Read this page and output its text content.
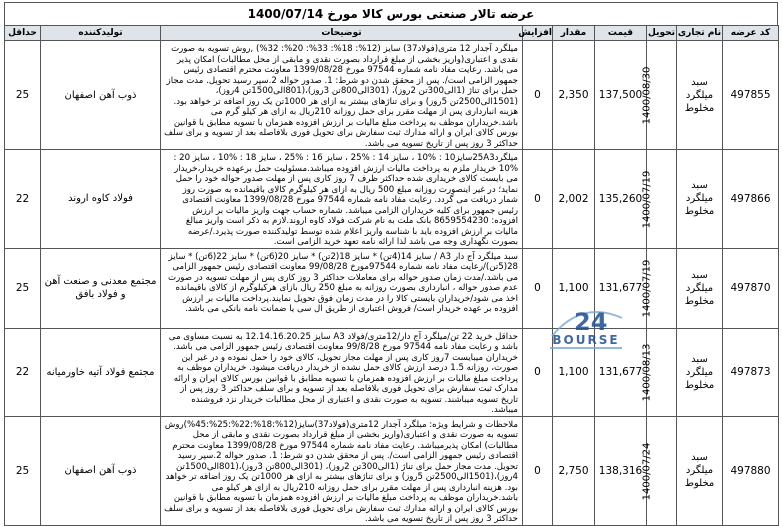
عرضه تالار صنعتی بورس کالا مورخ 1400/07/14
کد عرضه	نام تجاری	تحویل	قیمت	مقدار	افزایش	توضیحات	تولیدکننده	حداقل
497855	سبد میلگرد مخلوط	1400/08/30	137,500	2,350	0	میلگرد آجدار 12 متری(فولاد37) سایز (12%: 18%: 33%: 20%: 32%) ,روش تسویه به صورت نقدی و اعتباری(واریز بخشی از مبلغ قرارداد بصورت نقدی و مابقی از محل مطالبات) امکان پذیر می باشد. رعایت مفاد نامه شماره 97544 مورخ 1399/08/28 معاونت محترم اقتصادی رئیس جمهور الزامی است/. پس از محقق شدن دو شرط: 1. صدور حواله 2.سپر رسید تحویل. مدت مجاز حمل برای تناژ (1الی300تن 2روز)، (301الی800تن 3روز)،(801الی1500تن 4روز)،(1501الی2500تن 5روز) و برای تناژهای بیشتر به ازای هر 1000تن یک روز اضافه تر خواهد بود. هزینه انبارداری پس از مهلت مقرر برای حمل روزانه 210ریال به ازای هر کیلو گرم می باشد.خریداران موظف به پرداخت مبلغ مالیات بر ارزش افزوده همزمان با تسویه مطابق با قوانین بورس کالای ایران و ارائه مدارك ثبت سفارش برای تحویل فوری بلافاصله بعد از تسویه و برای سلف حداکثر 3 روز پس از تاریخ تسویه می باشد.	ذوب آهن اصفهان	25
497866	سبد میلگرد مخلوط	1400/07/19	135,260	2,002	0	میلگرد25A3سایز10 : %10 ، سایز 14 : %25 ، سایز 16 : %25 ، سایز 18 : %10 ، سایز 20 : %10 خریدار ملزم به پرداخت مالیات ارزش افزوده میباشد.مسئولیت حمل برعهده خریدار،خریدار می بایست کالای خریداری شده حداکثر ظرف 7 روز کاری پس از مهلت صدور حواله خود را حمل نماید؛ در غیر اینصورت روزانه مبلغ 500 ریال به ازای هر کیلوگرم کالای باقیمانده به صورت روز شمار دریافت می گردد. رعایت مفاد نامه شماره 97544 مورخ 1399/08/28 معاونت اقتصادی رئیس جمهور برای کلیه خریداران الزامی میباشد. شماره حساب جهت واریز مالیات بر ارزش افزوده: 8659554230 بانک ملت به نام شرکت فولاد کاوه اروند.لازم به ذکر است واریز مبالغ مالیات بر ارزش افزوده باید با شناسه واریز اعلام شده توسط تولیدکننده صورت پذیرد./عرضه بصورت نگهداری وجه می باشد لذا ارائه نامه تعهد خرید الزامی است.	فولاد کاوه اروند	22
497870	سبد میلگرد مخلوط	1400/07/19	131,677	1,100	0	سبد میلگرد آج دار A3 / سایز 14(4تن) * سایز 18(2تن) * سایز 20(6تن) * سایز 22(6تن) * سایز 28(5تن)/رعایت مفاد نامه شماره 97544مورخ 99/08/28 معاونت اقتصادی رئیس جمهور الزامی می باشد./مدت زمان صدور حواله برای معاملات حداکثر 3 روز کاری پس از مهلت تسویه در صورت عدم صدور حواله ، انبارداری بصورت روزانه به مبلغ 250 ریال بازای هرکیلوگرم از کالای باقیمانده اخذ می شود/خریداران بایستی کالا را در مدت زمان فوق تحویل نمایند.پرداخت مالیات بر ارزش افزوده بر عهده خریدار است/ فروش اعتباری از طریق ال سی یا ضمانت نامه بانکی می باشد.	مجتمع معدنی و صنعت آهن و فولاد بافق	25
497873	سبد میلگرد مخلوط	1400/08/13	131,677	1,100	0	حداقل خرید 22 تن/میلگرد آج دار/12متری/فولاد A3 سایز 12.14.16.20.25 به نسبت مساوی می باشد و رعایت مفاد نامه 97544 مورخ 99/8/28 معاونت اقتصادی رئیس جمهور الزامی می باشد. خریداران میبایست 7روز کاری پس از مهلت مجاز تحویل، کالای خود را حمل نموده و در غیر این صورت، روزانه 1.5 درصد ارزش کالای حمل نشده از خریدار دریافت میشود. خریداران موظف به پرداخت مبلغ مالیات بر ارزش افزوده همزمان با تسویه مطابق با قوانین بورس کالای ایران و ارائه مدارک ثبت سفارش برای تحویل فوری بلافاصله بعد از تسویه و برای سلف حداکثر 3 روز پس از تاریخ تسویه میباشند. تسویه به صورت نقدی و اعتباری از محل مطالبات خریدار نزد فروشنده میباشد.	مجتمع فولاد آتیه خاورمیانه	22
497880	سبد میلگرد مخلوط	1400/07/24	138,316	2,750	0	ملاحظات و شرایط ویژه: میلگرد آجدار 12متری(فولاد37)سایز(12%:18%:22%:25%:45%)روش تسویه به صورت نقدی و اعتباری(واریز بخشی از مبلغ قرارداد بصورت نقدی و مابقی از محل مطالبات) امکان پذیرمیباشد. رعایت مفاد نامه شماره 97544 مورخ 1399/08/28 معاونت محترم اقتصادی رئیس جمهور الزامی است/. پس از محقق شدن دو شرط: 1. صدور حواله 2.سپر رسید تحویل. مدت مجاز حمل برای تناژ (1الی300تن 2روز)، (301الی800تن 3روز)،(801الی1500تن 4روز)،(1501الی2500تن 5روز) و برای تناژهای بیشتر به ازای هر 1000تن یک روز اضافه تر خواهد بود. هزینه انبارداری پس از مهلت مقرر برای حمل روزانه 210ریال به ازای هر کیلو می باشد.خریداران موظف به پرداخت مبلغ مالیات بر ارزش افزوده همزمان با تسویه مطابق با قوانین بورس کالای ایران و ارائه مدارك ثبت سفارش برای تحویل فوری بلافاصله بعد از تسویه و برای سلف حداکثر 3 روز پس از تاریخ تسویه می باشد.	ذوب آهن اصفهان	25
24
BOURSE
